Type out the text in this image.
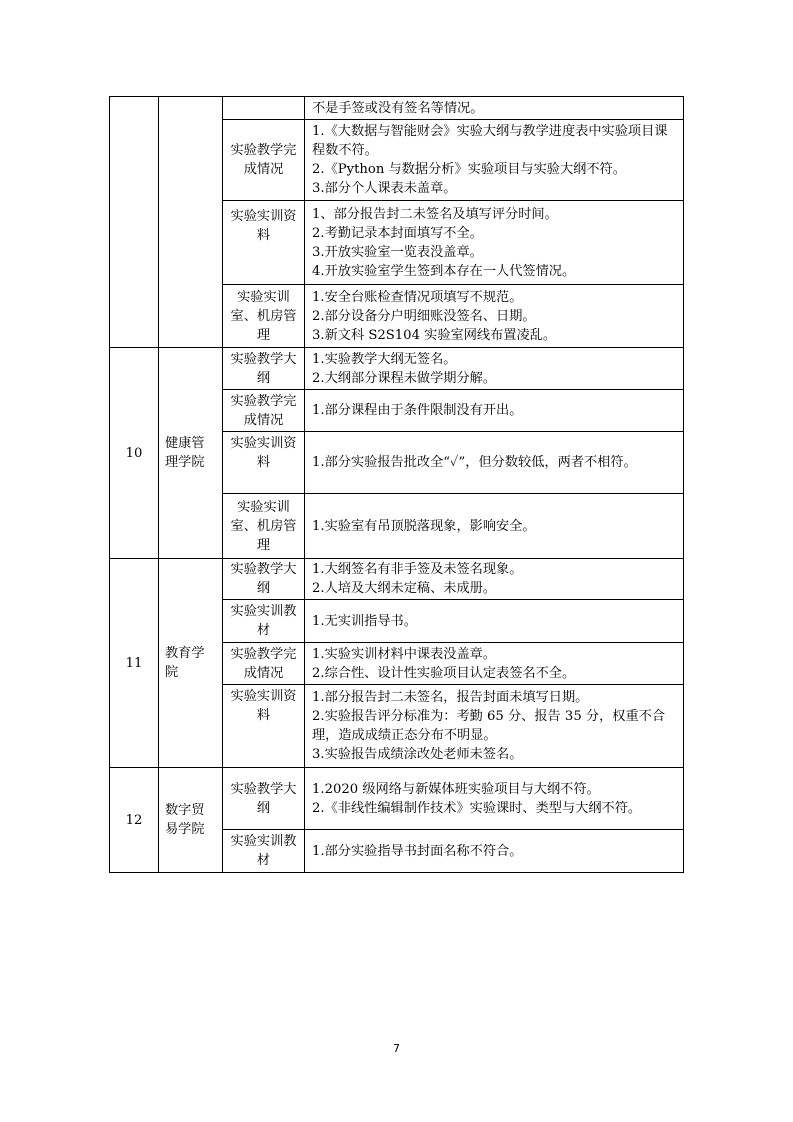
			不是手签或没有签名等情况。

		实验教学完成情况	1.《大数据与智能财会》实验大纲与教学进度表中实验项目课程数不符。
2.《Python 与数据分析》实验项目与实验大纲不符。
3.部分个人课表未盖章。

		实验实训资料	1、部分报告封二未签名及填写评分时间。
2.考勤记录本封面填写不全。
3.开放实验室一览表没盖章。
4.开放实验室学生签到本存在一人代签情况。

		实验实训室、机房管理	1.安全台账检查情况项填写不规范。
2.部分设备分户明细账没签名、日期。
3.新文科 S2S104 实验室网线布置凌乱。

10	健康管理学院	实验教学大纲	1.实验教学大纲无签名。
2.大纲部分课程未做学期分解。

		实验教学完成情况	1.部分课程由于条件限制没有开出。

		实验实训资料	1.部分实验报告批改全“✓”，但分数较低，两者不相符。

		实验实训室、机房管理	1.实验室有吊顶脱落现象，影响安全。

11	教育学院	实验教学大纲	1.大纲签名有非手签及未签名现象。
2.人培及大纲未定稿、未成册。

		实验实训教材	1.无实训指导书。

		实验教学完成情况	1.实验实训材料中课表没盖章。
2.综合性、设计性实验项目认定表签名不全。

		实验实训资料	1.部分报告封二未签名，报告封面未填写日期。
2.实验报告评分标准为：考勤 65 分、报告 35 分，权重不合理，造成成绩正态分布不明显。
3.实验报告成绩涂改处老师未签名。

12	数字贸易学院	实验教学大纲	1.2020 级网络与新媒体班实验项目与大纲不符。
2.《非线性编辑制作技术》实验课时、类型与大纲不符。

		实验实训教材	1.部分实验指导书封面名称不符合。
7
